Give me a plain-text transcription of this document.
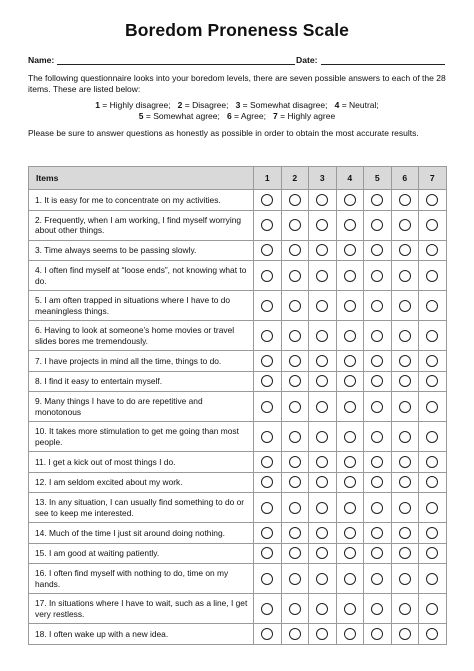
Boredom Proneness Scale
Name:	Date:
The following questionnaire looks into your boredom levels, there are seven possible answers to each of the 28 items. These are listed below:
1 = Highly disagree; 2 = Disagree; 3 = Somewhat disagree; 4 = Neutral;
5 = Somewhat agree; 6 = Agree; 7 = Highly agree
Please be sure to answer questions as honestly as possible in order to obtain the most accurate results.
Items	1	2	3	4	5	6	7
1. It is easy for me to concentrate on my activities.							
2. Frequently, when I am working, I find myself worrying about other things.							
3. Time always seems to be passing slowly.							
4. I often find myself at “loose ends”, not knowing what to do.							
5. I am often trapped in situations where I have to do meaningless things.							
6. Having to look at someone’s home movies or travel slides bores me tremendously.							
7. I have projects in mind all the time, things to do.							
8. I find it easy to entertain myself.							
9. Many things I have to do are repetitive and monotonous							
10. It takes more stimulation to get me going than most people.							
11. I get a kick out of most things I do.							
12. I am seldom excited about my work.							
13. In any situation, I can usually find something to do or see to keep me interested.							
14. Much of the time I just sit around doing nothing.							
15. I am good at waiting patiently.							
16. I often find myself with nothing to do, time on my hands.							
17. In situations where I have to wait, such as a line, I get very restless.							
18. I often wake up with a new idea.							
